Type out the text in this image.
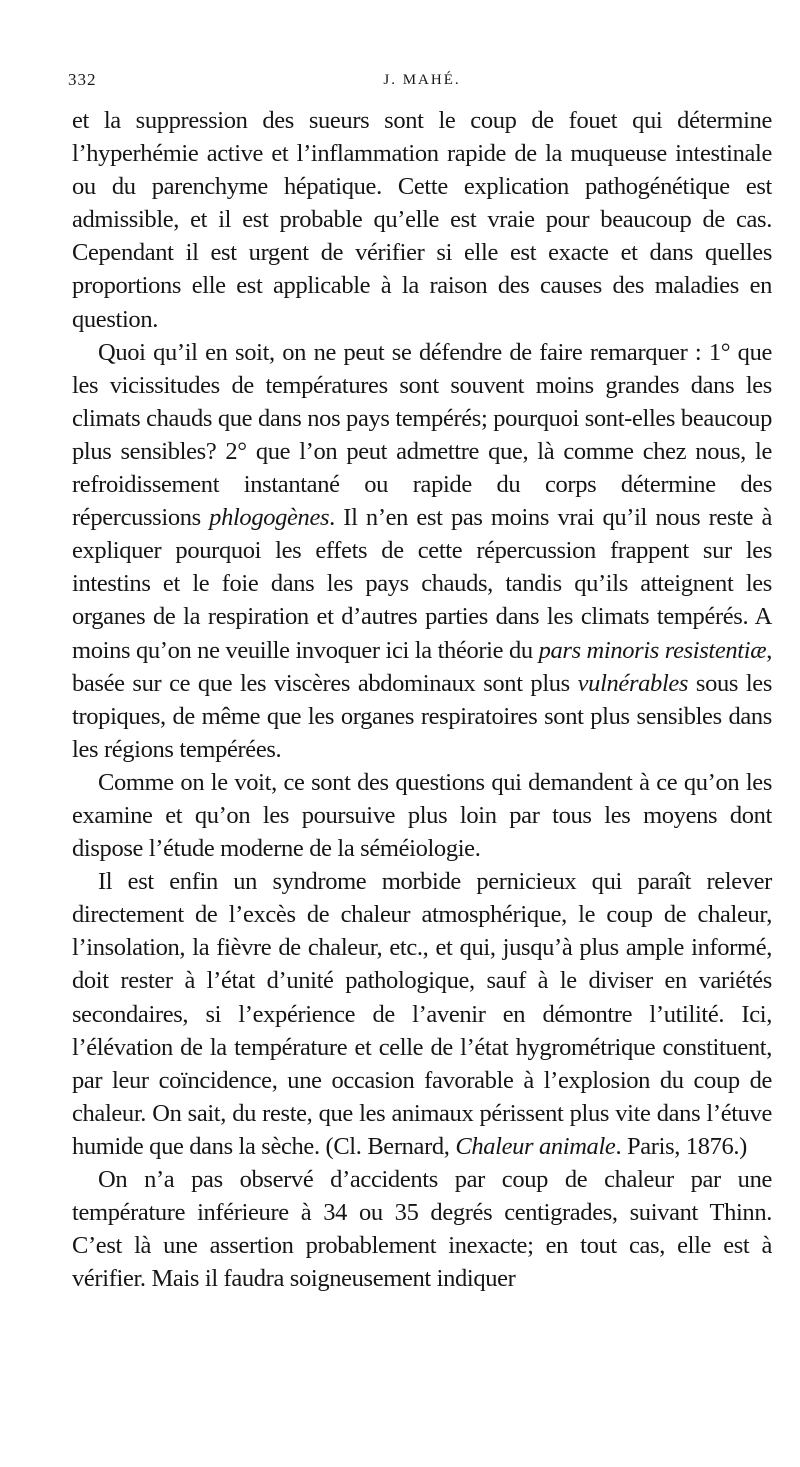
332	J. MAHÉ.

et la suppression des sueurs sont le coup de fouet qui détermine l’hyperhémie active et l’inflammation rapide de la muqueuse intestinale ou du parenchyme hépatique. Cette explication pathogénétique est admissible, et il est probable qu’elle est vraie pour beaucoup de cas. Cependant il est urgent de vérifier si elle est exacte et dans quelles proportions elle est applicable à la raison des causes des maladies en question.

Quoi qu’il en soit, on ne peut se défendre de faire remarquer : 1° que les vicissitudes de températures sont souvent moins grandes dans les climats chauds que dans nos pays tempérés; pourquoi sont-elles beaucoup plus sensibles? 2° que l’on peut admettre que, là comme chez nous, le refroidissement instantané ou rapide du corps détermine des répercussions phlogogènes. Il n’en est pas moins vrai qu’il nous reste à expliquer pourquoi les effets de cette répercussion frappent sur les intestins et le foie dans les pays chauds, tandis qu’ils atteignent les organes de la respiration et d’autres parties dans les climats tempérés. A moins qu’on ne veuille invoquer ici la théorie du pars minoris resistentiæ, basée sur ce que les viscères abdominaux sont plus vulnérables sous les tropiques, de même que les organes respiratoires sont plus sensibles dans les régions tempérées.

Comme on le voit, ce sont des questions qui demandent à ce qu’on les examine et qu’on les poursuive plus loin par tous les moyens dont dispose l’étude moderne de la séméiologie.

Il est enfin un syndrome morbide pernicieux qui paraît relever directement de l’excès de chaleur atmosphérique, le coup de chaleur, l’insolation, la fièvre de chaleur, etc., et qui, jusqu’à plus ample informé, doit rester à l’état d’unité pathologique, sauf à le diviser en variétés secondaires, si l’expérience de l’avenir en démontre l’utilité. Ici, l’élévation de la température et celle de l’état hygrométrique constituent, par leur coïncidence, une occasion favorable à l’explosion du coup de chaleur. On sait, du reste, que les animaux périssent plus vite dans l’étuve humide que dans la sèche. (Cl. Bernard, Chaleur animale. Paris, 1876.)

On n’a pas observé d’accidents par coup de chaleur par une température inférieure à 34 ou 35 degrés centigrades, suivant Thinn. C’est là une assertion probablement inexacte; en tout cas, elle est à vérifier. Mais il faudra soigneusement indiquer
